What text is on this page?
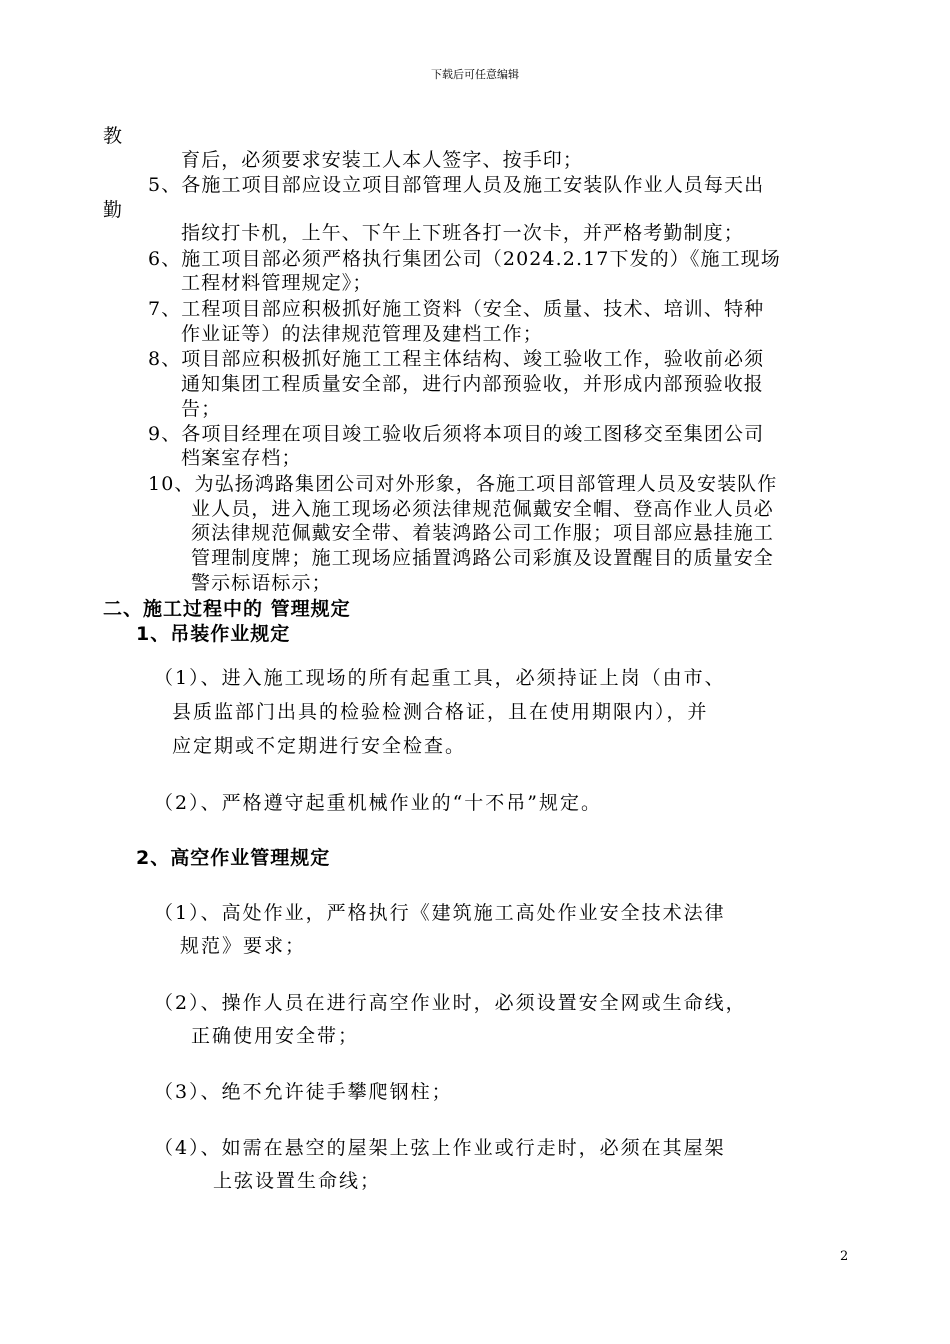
下载后可任意编辑
教
育后，必须要求安装工人本人签字、按手印；
5、各施工项目部应设立项目部管理人员及施工安装队作业人员每天出
勤
指纹打卡机，上午、下午上下班各打一次卡，并严格考勤制度；
6、施工项目部必须严格执行集团公司（2024.2.17下发的）《施工现场
工程材料管理规定》；
7、工程项目部应积极抓好施工资料（安全、质量、技术、培训、特种
作业证等）的法律规范管理及建档工作；
8、项目部应积极抓好施工工程主体结构、竣工验收工作，验收前必须
通知集团工程质量安全部，进行内部预验收，并形成内部预验收报
告；
9、各项目经理在项目竣工验收后须将本项目的竣工图移交至集团公司
档案室存档；
10、为弘扬鸿路集团公司对外形象，各施工项目部管理人员及安装队作
业人员，进入施工现场必须法律规范佩戴安全帽、登高作业人员必
须法律规范佩戴安全带、着装鸿路公司工作服；项目部应悬挂施工
管理制度牌；施工现场应插置鸿路公司彩旗及设置醒目的质量安全
警示标语标示；
二、施工过程中的 管理规定
1、吊装作业规定
（1）、进入施工现场的所有起重工具，必须持证上岗（由市、
县质监部门出具的检验检测合格证，且在使用期限内），并
应定期或不定期进行安全检查。
（2）、严格遵守起重机械作业的“十不吊”规定。
2、高空作业管理规定
（1）、高处作业，严格执行《建筑施工高处作业安全技术法律
规范》要求；
（2）、操作人员在进行高空作业时，必须设置安全网或生命线，
正确使用安全带；
（3）、绝不允许徒手攀爬钢柱；
（4）、如需在悬空的屋架上弦上作业或行走时，必须在其屋架
上弦设置生命线；
2
